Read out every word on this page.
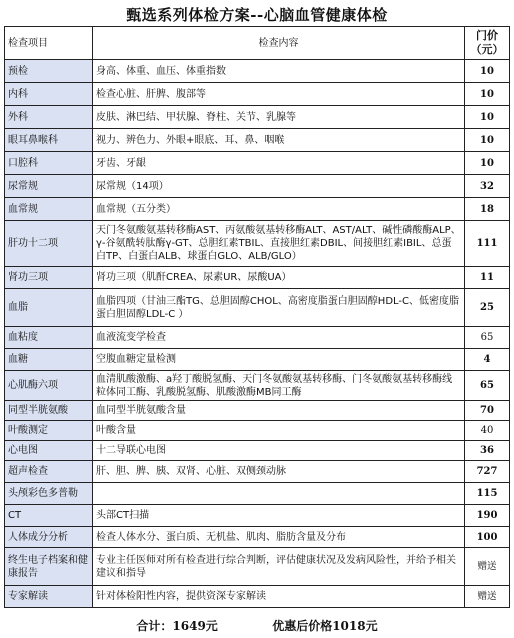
甄选系列体检方案--心脑血管健康体检
检查项目	检查内容	门价
（元）
预检	身高、体重、血压、体重指数	10
内科	检查心脏、肝脾、腹部等	10
外科	皮肤、淋巴结、甲状腺、脊柱、关节、乳腺等	10
眼耳鼻喉科	视力、辨色力、外眼+眼底、耳、鼻、咽喉	10
口腔科	牙齿、牙龈	10
尿常规	尿常规（14项）	32
血常规	血常规（五分类）	18
肝功十二项	天门冬氨酸氨基转移酶AST、丙氨酸氨基转移酶ALT、AST/ALT、碱性磷酸酶ALP、γ-谷氨酰转肽酶γ-GT、总胆红素TBIL、直接胆红素DBIL、间接胆红素IBIL、总蛋白TP、白蛋白ALB、球蛋白GLO、ALB/GLO）	111
肾功三项	肾功三项（肌酐CREA、尿素UR、尿酸UA）	11
血脂	血脂四项（甘油三酯TG、总胆固醇CHOL、高密度脂蛋白胆固醇HDL-C、低密度脂蛋白胆固醇LDL-C ）	25
血粘度	血液流变学检查	65
血糖	空腹血糖定量检测	4
心肌酶六项	血清肌酸激酶、a羟丁酸脱氢酶、天门冬氨酸氨基转移酶、门冬氨酸氨基转移酶线粒体同工酶、乳酸脱氢酶、肌酸激酶MB同工酶	65
同型半胱氨酸	血同型半胱氨酸含量	70
叶酸测定	叶酸含量	40
心电图	十二导联心电图	36
超声检查	肝、胆、脾、胰、双肾、心脏、双侧颈动脉	727
头颅彩色多普勒		115
CT	头部CT扫描	190
人体成分分析	检查人体水分、蛋白质、无机盐、肌肉、脂肪含量及分布	100
终生电子档案和健康报告	专业主任医师对所有检查进行综合判断，评估健康状况及发病风险性，并给予相关建议和指导	赠送
专家解读	针对体检阳性内容，提供资深专家解读	赠送
合计：1649元	优惠后价格1018元
